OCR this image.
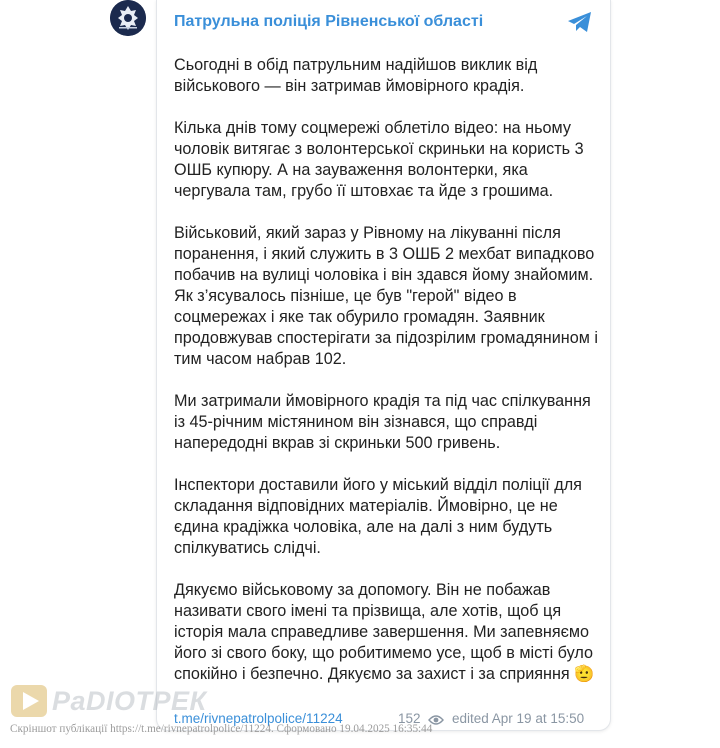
Патрульна поліція Рівненської області

Сьогодні в обід патрульним надійшов виклик від військового — він затримав ймовірного крадія.

Кілька днів тому соцмережі облетіло відео: на ньому чоловік витягає з волонтерської скриньки на користь 3 ОШБ купюру. А на зауваження волонтерки, яка чергувала там, грубо її штовхає та йде з грошима.

Військовий, який зараз у Рівному на лікуванні після поранення, і який служить в 3 ОШБ 2 мехбат випадково побачив на вулиці чоловіка і він здався йому знайомим. Як з’ясувалось пізніше, це був "герой" відео в соцмережах і яке так обурило громадян. Заявник продовжував спостерігати за підозрілим громадянином і тим часом набрав 102.

Ми затримали ймовірного крадія та під час спілкування із 45-річним містянином він зізнався, що справді напередодні вкрав зі скриньки 500 гривень.

Інспектори доставили його у міський відділ поліції для складання відповідних матеріалів. Ймовірно, це не єдина крадіжка чоловіка, але на далі з ним будуть спілкуватись слідчі.

Дякуємо військовому за допомогу. Він не побажав називати свого імені та прізвища, але хотів, щоб ця історія мала справедливе завершення. Ми запевняємо його зі свого боку, що робитимемо усе, щоб в місті було спокійно і безпечно. Дякуємо за захист і за сприяння 🫡

t.me/rivnepatrolpolice/11224	152 edited Apr 19 at 15:50
РаDIOТРЕК
Скріншот публікації https://t.me/rivnepatrolpolice/11224. Сформовано 19.04.2025 16:35:44
